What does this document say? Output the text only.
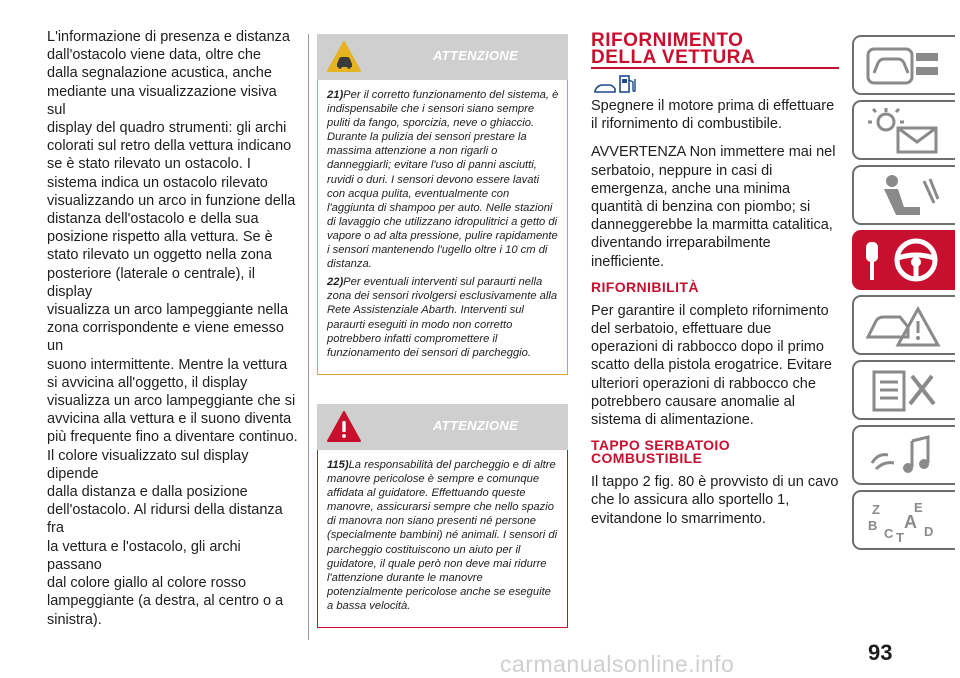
L'informazione di presenza e distanza
dall'ostacolo viene data, oltre che
dalla segnalazione acustica, anche
mediante una visualizzazione visiva sul
display del quadro strumenti: gli archi
colorati sul retro della vettura indicano
se è stato rilevato un ostacolo. I
sistema indica un ostacolo rilevato
visualizzando un arco in funzione della
distanza dell'ostacolo e della sua
posizione rispetto alla vettura. Se è
stato rilevato un oggetto nella zona
posteriore (laterale o centrale), il display
visualizza un arco lampeggiante nella
zona corrispondente e viene emesso un
suono intermittente. Mentre la vettura
si avvicina all'oggetto, il display
visualizza un arco lampeggiante che si
avvicina alla vettura e il suono diventa
più frequente fino a diventare continuo.
Il colore visualizzato sul display dipende
dalla distanza e dalla posizione
dell'ostacolo. Al ridursi della distanza fra
la vettura e l'ostacolo, gli archi passano
dal colore giallo al colore rosso
lampeggiante (a destra, al centro o a
sinistra).

ATTENZIONE

21)Per il corretto funzionamento del sistema, è indispensabile che i sensori siano sempre puliti da fango, sporcizia, neve o ghiaccio. Durante la pulizia dei sensori prestare la massima attenzione a non rigarli o danneggiarli; evitare l'uso di panni asciutti, ruvidi o duri. I sensori devono essere lavati con acqua pulita, eventualmente con l'aggiunta di shampoo per auto. Nelle stazioni di lavaggio che utilizzano idropulitrici a getto di vapore o ad alta pressione, pulire rapidamente i sensori mantenendo l'ugello oltre i 10 cm di distanza.

22)Per eventuali interventi sul paraurti nella zona dei sensori rivolgersi esclusivamente alla Rete Assistenziale Abarth. Interventi sul paraurti eseguiti in modo non corretto potrebbero infatti compromettere il funzionamento dei sensori di parcheggio.

ATTENZIONE

115)La responsabilità del parcheggio e di altre manovre pericolose è sempre e comunque affidata al guidatore. Effettuando queste manovre, assicurarsi sempre che nello spazio di manovra non siano presenti né persone (specialmente bambini) né animali. I sensori di parcheggio costituiscono un aiuto per il guidatore, il quale però non deve mai ridurre l'attenzione durante le manovre potenzialmente pericolose anche se eseguite a bassa velocità.

RIFORNIMENTO
DELLA VETTURA

Spegnere il motore prima di effettuare il rifornimento di combustibile.

AVVERTENZA Non immettere mai nel serbatoio, neppure in casi di emergenza, anche una minima quantità di benzina con piombo; si danneggerebbe la marmitta catalitica, diventando irreparabilmente inefficiente.

RIFORNIBILITÀ

Per garantire il completo rifornimento del serbatoio, effettuare due operazioni di rabbocco dopo il primo scatto della pistola erogatrice. Evitare ulteriori operazioni di rabbocco che potrebbero causare anomalie al sistema di alimentazione.

TAPPO SERBATOIO
COMBUSTIBILE

Il tappo 2 fig. 80 è provvisto di un cavo che lo assicura allo sportello 1, evitandone lo smarrimento.

Z	E
B A
C T D
93
carmanualsonline.info
